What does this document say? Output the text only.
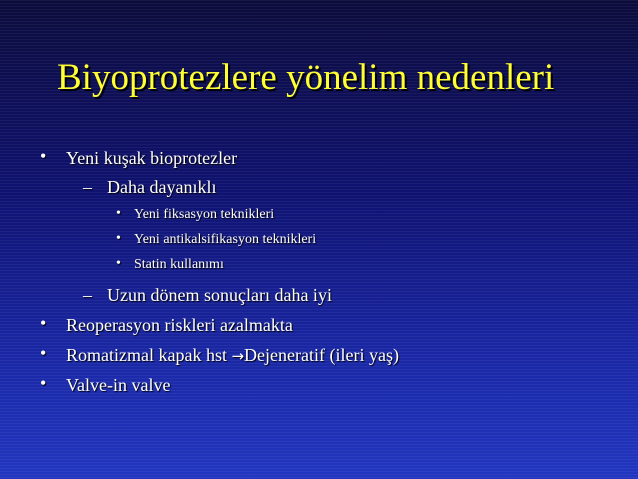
Biyoprotezlere yönelim nedenleri
• Yeni kuşak bioprotezler
– Daha dayanıklı
• Yeni fiksasyon teknikleri
• Yeni antikalsifikasyon teknikleri
• Statin kullanımı
– Uzun dönem sonuçları daha iyi
• Reoperasyon riskleri azalmakta
• Romatizmal kapak hst →Dejeneratif (ileri yaş)
• Valve-in valve
